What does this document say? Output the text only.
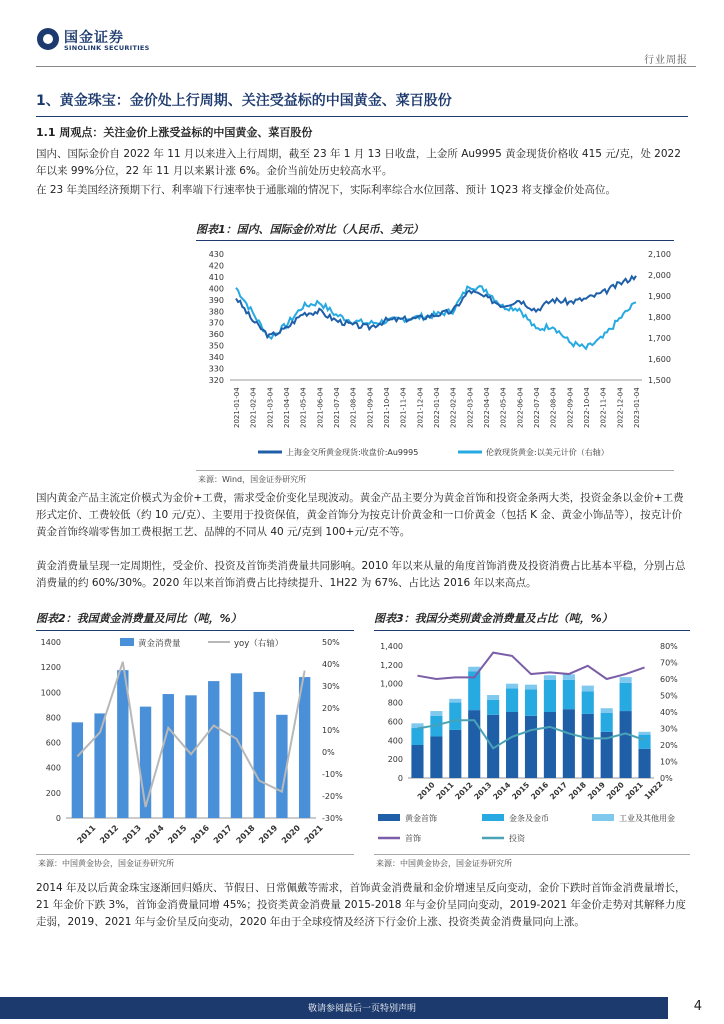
国金证券
SINOLINK SECURITIES
行业周报
1、黄金珠宝：金价处上行周期、关注受益标的中国黄金、菜百股份
1.1 周观点：关注金价上涨受益标的中国黄金、菜百股份
国内、国际金价自 2022 年 11 月以来进入上行周期，截至 23 年 1 月 13 日收盘，上金所 Au9995 黄金现货价格收 415 元/克，处 2022 年以来 99%分位，22 年 11 月以来累计涨 6%。金价当前处历史较高水平。
在 23 年美国经济预期下行、利率端下行速率快于通胀端的情况下，实际利率综合水位回落、预计 1Q23 将支撑金价处高位。
图表1：国内、国际金价对比（人民币、美元）
320
330
340
350
360
370
380
390
400
410
420
430
1,500
1,600
1,700
1,800
1,900
2,000
2,100
2021-01-04 2021-02-04 2021-03-04 2021-04-04 2021-05-04 2021-06-04 2021-07-04 2021-08-04 2021-09-04 2021-10-04 2021-11-04 2021-12-04 2022-01-04 2022-02-04 2022-03-04 2022-04-04 2022-05-04 2022-06-04 2022-07-04 2022-08-04 2022-09-04 2022-10-04 2022-11-04 2022-12-04 2023-01-04
上海金交所黄金现货:收盘价:Au9995	伦敦现货黄金:以美元计价（右轴）
来源：Wind，国金证券研究所
国内黄金产品主流定价模式为金价+工费，需求受金价变化呈现波动。黄金产品主要分为黄金首饰和投资金条两大类，投资金条以金价+工费形式定价、工费较低（约 10 元/克）、主要用于投资保值，黄金首饰分为按克计价黄金和一口价黄金（包括 K 金、黄金小饰品等），按克计价黄金首饰终端零售加工费根据工艺、品牌的不同从 40 元/克到 100+元/克不等。
黄金消费量呈现一定周期性，受金价、投资及首饰类消费量共同影响。2010 年以来从量的角度首饰消费及投资消费占比基本平稳，分别占总消费量的约 60%/30%。2020 年以来首饰消费占比持续提升、1H22 为 67%、占比达 2016 年以来高点。
图表2：我国黄金消费量及同比（吨，%）
0
200
400
600
800
1000
1200
1400
-30%
-20%
-10%
0%
10%
20%
30%
40%
50%
2011 2012 2013 2014 2015 2016 2017 2018 2019 2020 2021
黄金消费量	yoy（右轴）
来源：中国黄金协会，国金证券研究所
图表3：我国分类别黄金消费量及占比（吨，%）
0
200
400
600
800
1,000
1,200
1,400
0%
10%
20%
30%
40%
50%
60%
70%
80%
2010
2011
2012
2013
2014
2015
2016
2017
2018
2019
2020
2021
1H22
黄金首饰	金条及金币	工业及其他用金
首饰	投资
来源：中国黄金协会，国金证券研究所
2014 年及以后黄金珠宝逐渐回归婚庆、节假日、日常佩戴等需求，首饰黄金消费量和金价增速呈反向变动，金价下跌时首饰金消费量增长，21 年金价下跌 3%，首饰金消费量同增 45%；投资类黄金消费量 2015-2018 年与金价呈同向变动，2019-2021 年金价走势对其解释力度走弱，2019、2021 年与金价呈反向变动，2020 年由于全球疫情及经济下行金价上涨、投资类黄金消费量同向上涨。
敬请参阅最后一页特别声明	4
